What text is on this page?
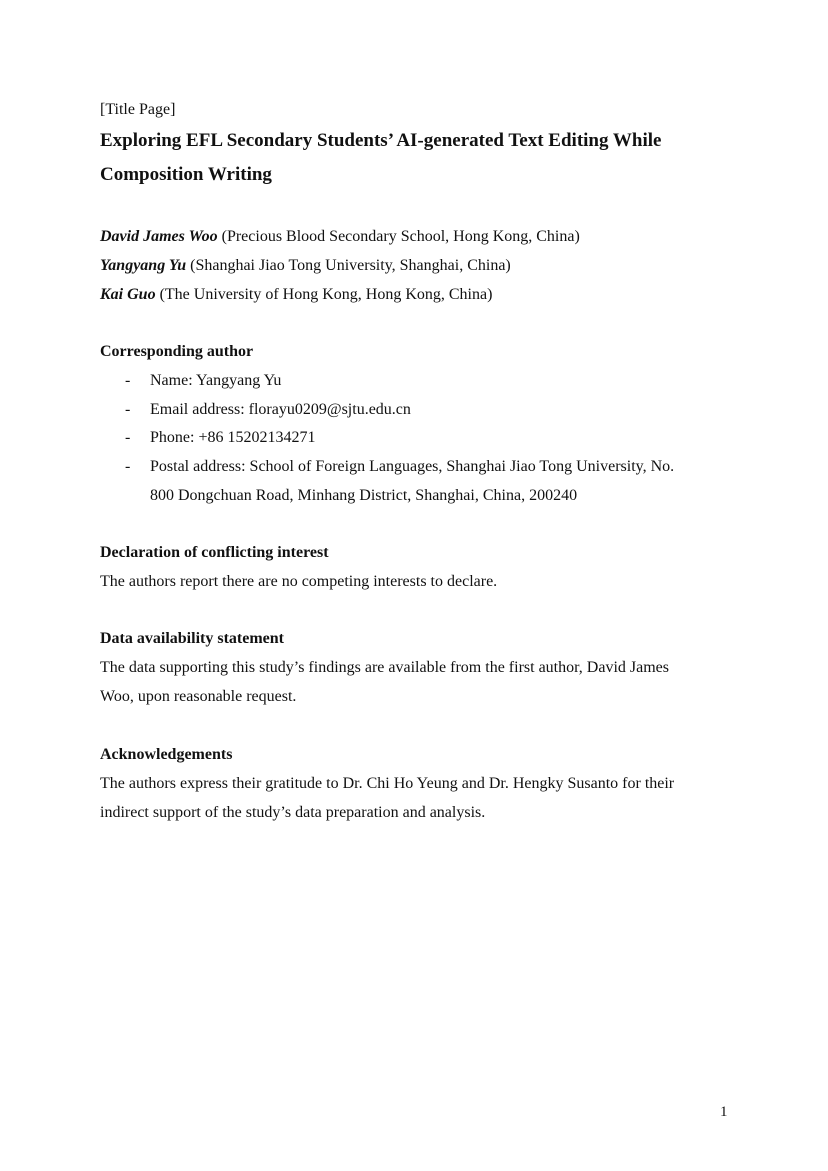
[Title Page]
Exploring EFL Secondary Students’ AI-generated Text Editing While
Composition Writing
David James Woo (Precious Blood Secondary School, Hong Kong, China)
Yangyang Yu (Shanghai Jiao Tong University, Shanghai, China)
Kai Guo (The University of Hong Kong, Hong Kong, China)
Corresponding author
- Name: Yangyang Yu
- Email address: florayu0209@sjtu.edu.cn
- Phone: +86 15202134271
- Postal address: School of Foreign Languages, Shanghai Jiao Tong University, No.
800 Dongchuan Road, Minhang District, Shanghai, China, 200240
Declaration of conflicting interest
The authors report there are no competing interests to declare.
Data availability statement
The data supporting this study’s findings are available from the first author, David James
Woo, upon reasonable request.
Acknowledgements
The authors express their gratitude to Dr. Chi Ho Yeung and Dr. Hengky Susanto for their
indirect support of the study’s data preparation and analysis.
1
